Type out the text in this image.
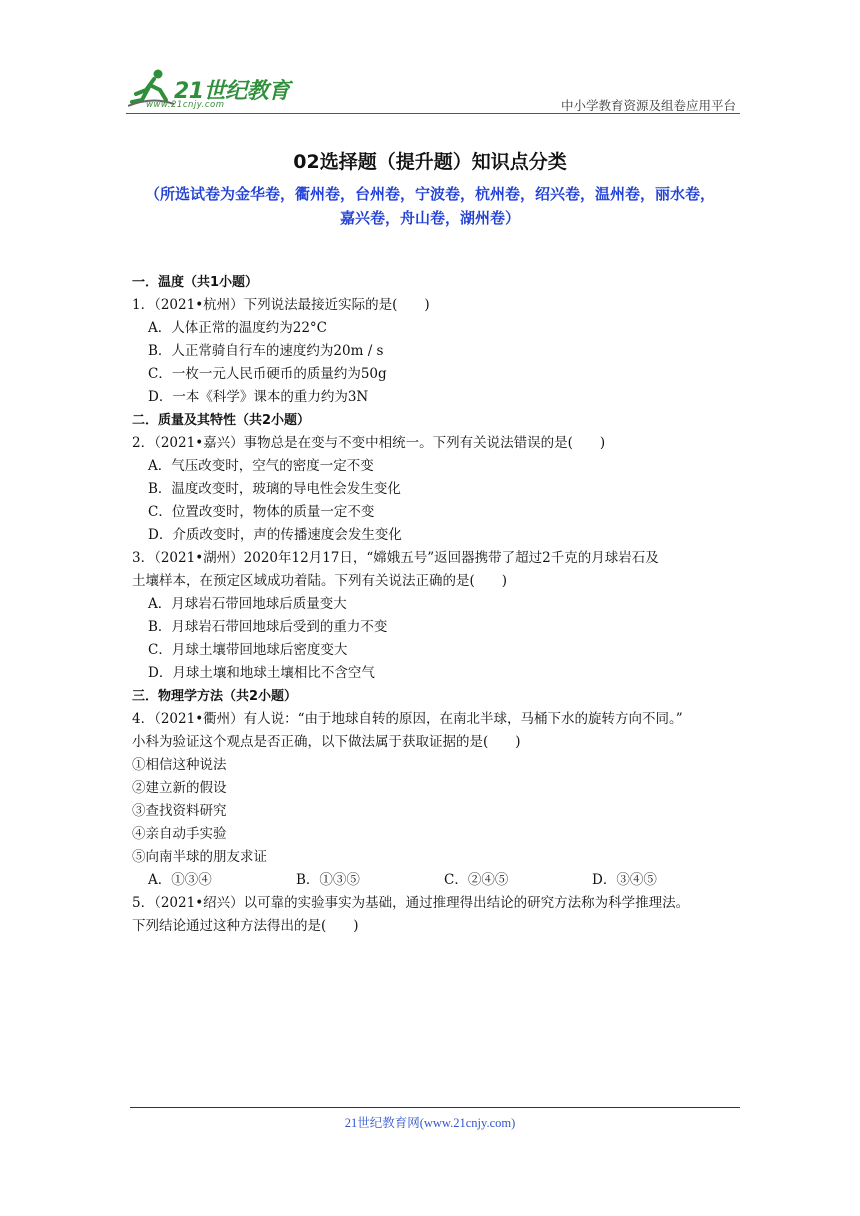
21世纪教育
www.21cnjy.com	中小学教育资源及组卷应用平台
02选择题（提升题）知识点分类
（所选试卷为金华卷，衢州卷，台州卷，宁波卷，杭州卷，绍兴卷，温州卷，丽水卷，嘉兴卷，舟山卷，湖州卷）
一．温度（共1小题）
1．（2021•杭州）下列说法最接近实际的是(　　)
A．人体正常的温度约为22°C
B．人正常骑自行车的速度约为20m / s
C．一枚一元人民币硬币的质量约为50g
D．一本《科学》课本的重力约为3N
二．质量及其特性（共2小题）
2．（2021•嘉兴）事物总是在变与不变中相统一。下列有关说法错误的是(　　)
A．气压改变时，空气的密度一定不变
B．温度改变时，玻璃的导电性会发生变化
C．位置改变时，物体的质量一定不变
D．介质改变时，声的传播速度会发生变化
3．（2021•湖州）2020年12月17日，“嫦娥五号”返回器携带了超过2千克的月球岩石及
土壤样本，在预定区域成功着陆。下列有关说法正确的是(　　)
A．月球岩石带回地球后质量变大
B．月球岩石带回地球后受到的重力不变
C．月球土壤带回地球后密度变大
D．月球土壤和地球土壤相比不含空气
三．物理学方法（共2小题）
4．（2021•衢州）有人说：“由于地球自转的原因，在南北半球，马桶下水的旋转方向不同。”
小科为验证这个观点是否正确，以下做法属于获取证据的是(　　)
①相信这种说法
②建立新的假设
③查找资料研究
④亲自动手实验
⑤向南半球的朋友求证
A．①③④	B．①③⑤	C．②④⑤	D．③④⑤
5．（2021•绍兴）以可靠的实验事实为基础，通过推理得出结论的研究方法称为科学推理法。
下列结论通过这种方法得出的是(　　)
21世纪教育网(www.21cnjy.com)
